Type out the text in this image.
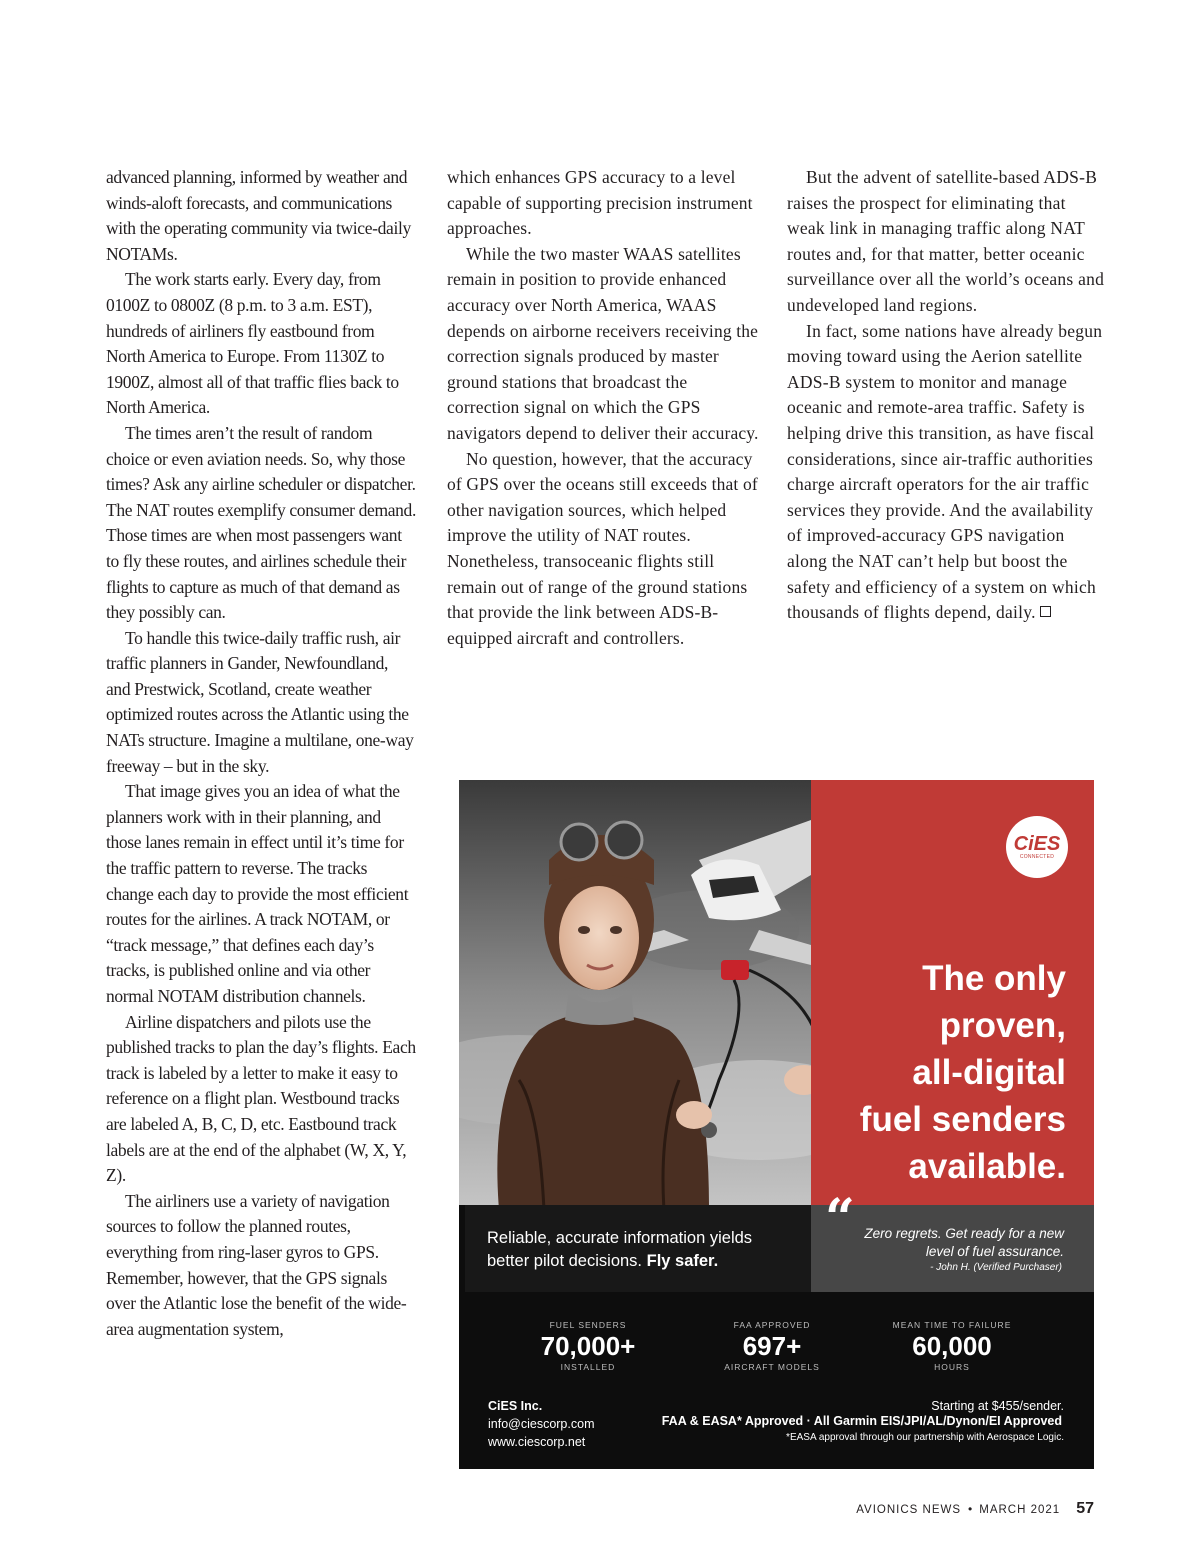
advanced planning, informed by weather and winds-aloft forecasts, and communications with the operating community via twice-daily NOTAMs.

The work starts early. Every day, from 0100Z to 0800Z (8 p.m. to 3 a.m. EST), hundreds of airliners fly eastbound from North America to Europe. From 1130Z to 1900Z, almost all of that traffic flies back to North America.

The times aren’t the result of random choice or even aviation needs. So, why those times? Ask any airline scheduler or dispatcher. The NAT routes exemplify consumer demand. Those times are when most passengers want to fly these routes, and airlines schedule their flights to capture as much of that demand as they possibly can.

To handle this twice-daily traffic rush, air traffic planners in Gander, Newfoundland, and Prestwick, Scotland, create weather optimized routes across the Atlantic using the NATs structure. Imagine a multilane, one-way freeway – but in the sky.

That image gives you an idea of what the planners work with in their planning, and those lanes remain in effect until it’s time for the traffic pattern to reverse. The tracks change each day to provide the most efficient routes for the airlines. A track NOTAM, or “track message,” that defines each day’s tracks, is published online and via other normal NOTAM distribution channels.

Airline dispatchers and pilots use the published tracks to plan the day’s flights. Each track is labeled by a letter to make it easy to reference on a flight plan. Westbound tracks are labeled A, B, C, D, etc. Eastbound track labels are at the end of the alphabet (W, X, Y, Z).

The airliners use a variety of navigation sources to follow the planned routes, everything from ring-laser gyros to GPS. Remember, however, that the GPS signals over the Atlantic lose the benefit of the wide-area augmentation system,

which enhances GPS accuracy to a level capable of supporting precision instrument approaches.

While the two master WAAS satellites remain in position to provide enhanced accuracy over North America, WAAS depends on airborne receivers receiving the correction signals produced by master ground stations that broadcast the correction signal on which the GPS navigators depend to deliver their accuracy.

No question, however, that the accuracy of GPS over the oceans still exceeds that of other navigation sources, which helped improve the utility of NAT routes. Nonetheless, transoceanic flights still remain out of range of the ground stations that provide the link between ADS-B-equipped aircraft and controllers.

But the advent of satellite-based ADS-B raises the prospect for eliminating that weak link in managing traffic along NAT routes and, for that matter, better oceanic surveillance over all the world’s oceans and undeveloped land regions.

In fact, some nations have already begun moving toward using the Aerion satellite ADS-B system to monitor and manage oceanic and remote-area traffic. Safety is helping drive this transition, as have fiscal considerations, since air-traffic authorities charge aircraft operators for the air traffic services they provide. And the availability of improved-accuracy GPS navigation along the NAT can’t help but boost the safety and efficiency of a system on which thousands of flights depend, daily.

CiES
CONNECTED
The only
proven,
all-digital
fuel senders
available.
Reliable, accurate information yields better pilot decisions. Fly safer.
“ Zero regrets. Get ready for a new level of fuel assurance.
- John H. (Verified Purchaser)
FUEL SENDERS
70,000+
INSTALLED
FAA APPROVED
697+
AIRCRAFT MODELS
MEAN TIME TO FAILURE
60,000
HOURS
CiES Inc.
info@ciescorp.com
www.ciescorp.net
Starting at $455/sender.
FAA & EASA* Approved · All Garmin EIS/JPI/AL/Dynon/EI Approved
*EASA approval through our partnership with Aerospace Logic.
AVIONICS NEWS • MARCH 2021 57
